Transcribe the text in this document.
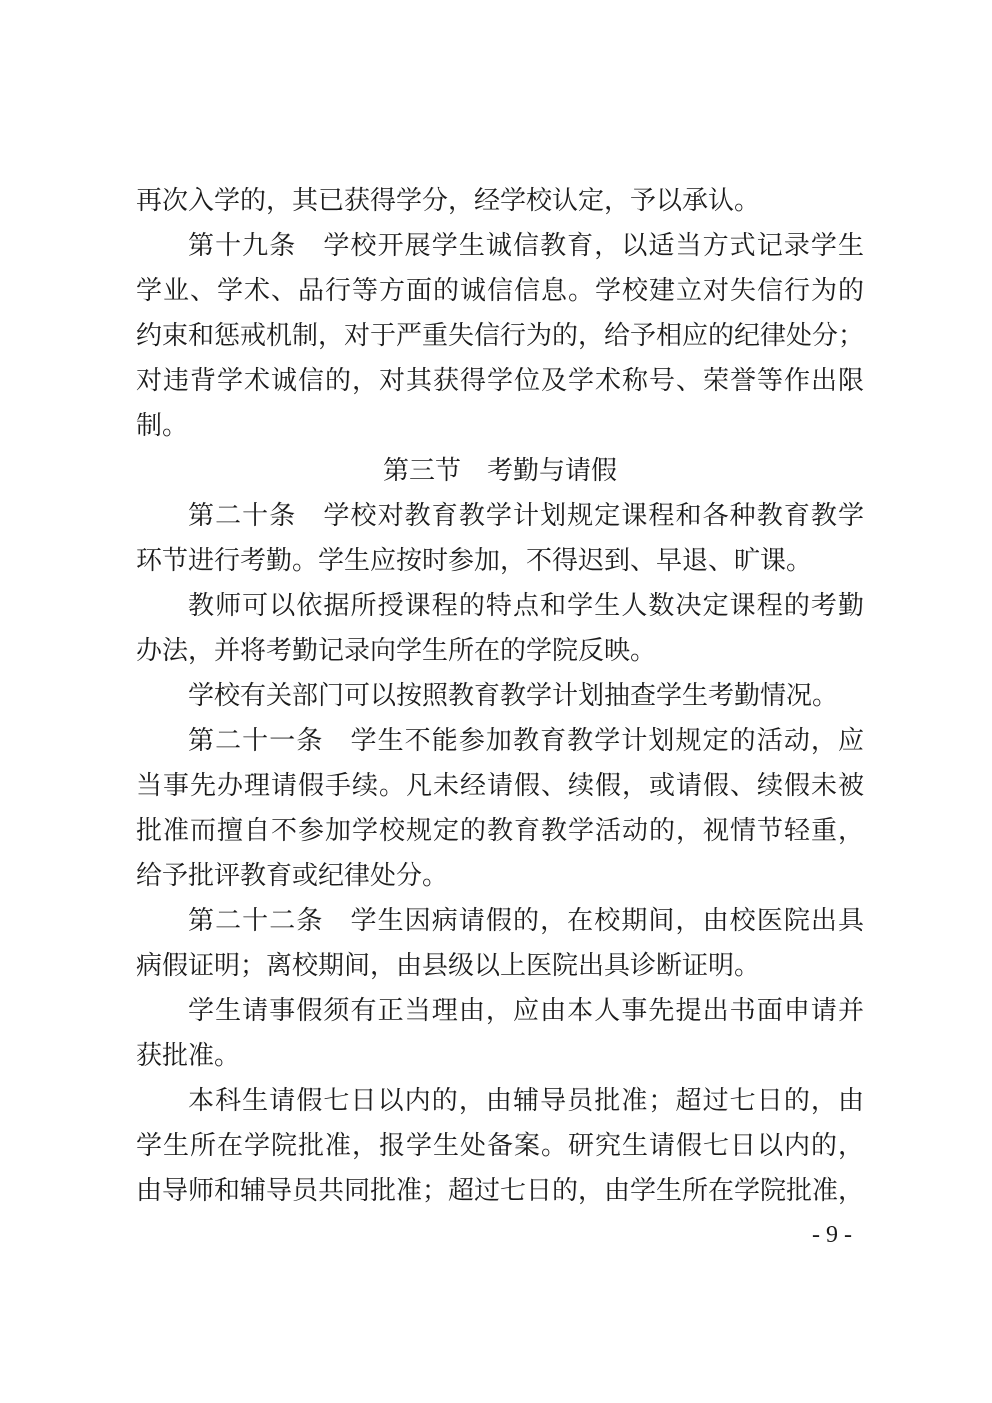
再次入学的，其已获得学分，经学校认定，予以承认。
第十九条　学校开展学生诚信教育，以适当方式记录学生
学业、学术、品行等方面的诚信信息。学校建立对失信行为的
约束和惩戒机制，对于严重失信行为的，给予相应的纪律处分；
对违背学术诚信的，对其获得学位及学术称号、荣誉等作出限
制。
第三节　考勤与请假
第二十条　学校对教育教学计划规定课程和各种教育教学
环节进行考勤。学生应按时参加，不得迟到、早退、旷课。
教师可以依据所授课程的特点和学生人数决定课程的考勤
办法，并将考勤记录向学生所在的学院反映。
学校有关部门可以按照教育教学计划抽查学生考勤情况。
第二十一条　学生不能参加教育教学计划规定的活动，应
当事先办理请假手续。凡未经请假、续假，或请假、续假未被
批准而擅自不参加学校规定的教育教学活动的，视情节轻重，
给予批评教育或纪律处分。
第二十二条　学生因病请假的，在校期间，由校医院出具
病假证明；离校期间，由县级以上医院出具诊断证明。
学生请事假须有正当理由，应由本人事先提出书面申请并
获批准。
本科生请假七日以内的，由辅导员批准；超过七日的，由
学生所在学院批准，报学生处备案。研究生请假七日以内的，
由导师和辅导员共同批准；超过七日的，由学生所在学院批准，
- 9 -
